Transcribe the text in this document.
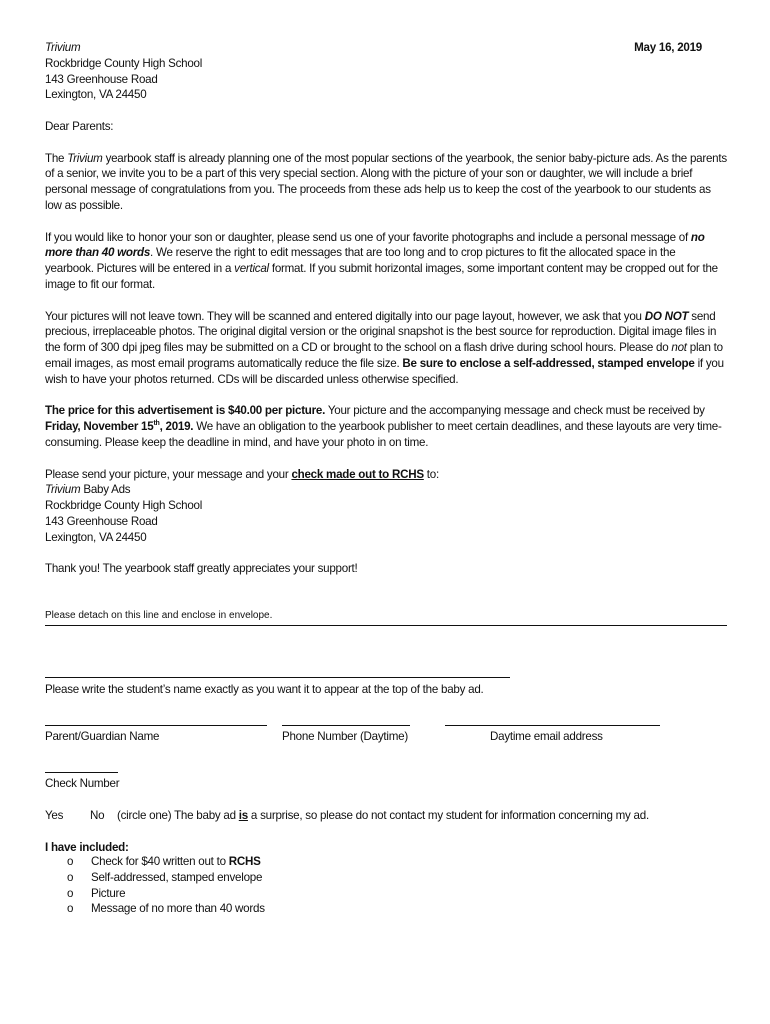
Trivium

Rockbridge County High School

143 Greenhouse Road

Lexington, VA 24450

May 16, 2019

Dear Parents:

The Trivium yearbook staff is already planning one of the most popular sections of the yearbook, the senior baby-picture ads. As the parents of a senior, we invite you to be a part of this very special section. Along with the picture of your son or daughter, we will include a brief personal message of congratulations from you. The proceeds from these ads help us to keep the cost of the yearbook to our students as low as possible.

If you would like to honor your son or daughter, please send us one of your favorite photographs and include a personal message of no more than 40 words. We reserve the right to edit messages that are too long and to crop pictures to fit the allocated space in the yearbook. Pictures will be entered in a vertical format. If you submit horizontal images, some important content may be cropped out for the image to fit our format.

Your pictures will not leave town. They will be scanned and entered digitally into our page layout, however, we ask that you DO NOT send precious, irreplaceable photos. The original digital version or the original snapshot is the best source for reproduction. Digital image files in the form of 300 dpi jpeg files may be submitted on a CD or brought to the school on a flash drive during school hours. Please do not plan to email images, as most email programs automatically reduce the file size. Be sure to enclose a self-addressed, stamped envelope if you wish to have your photos returned. CDs will be discarded unless otherwise specified.

The price for this advertisement is $40.00 per picture. Your picture and the accompanying message and check must be received by Friday, November 15th, 2019. We have an obligation to the yearbook publisher to meet certain deadlines, and these layouts are very time-consuming. Please keep the deadline in mind, and have your photo in on time.

Please send your picture, your message and your check made out to RCHS to:

Trivium Baby Ads

Rockbridge County High School

143 Greenhouse Road

Lexington, VA 24450

Thank you! The yearbook staff greatly appreciates your support!

Please detach on this line and enclose in envelope.
Please write the student’s name exactly as you want it to appear at the top of the baby ad.
Parent/Guardian Name	Phone Number (Daytime)	Daytime email address
Check Number
Yes No (circle one) The baby ad is a surprise, so please do not contact my student for information concerning my ad.

I have included:

o Check for $40 written out to RCHS
o Self-addressed, stamped envelope
o Picture
o Message of no more than 40 words
